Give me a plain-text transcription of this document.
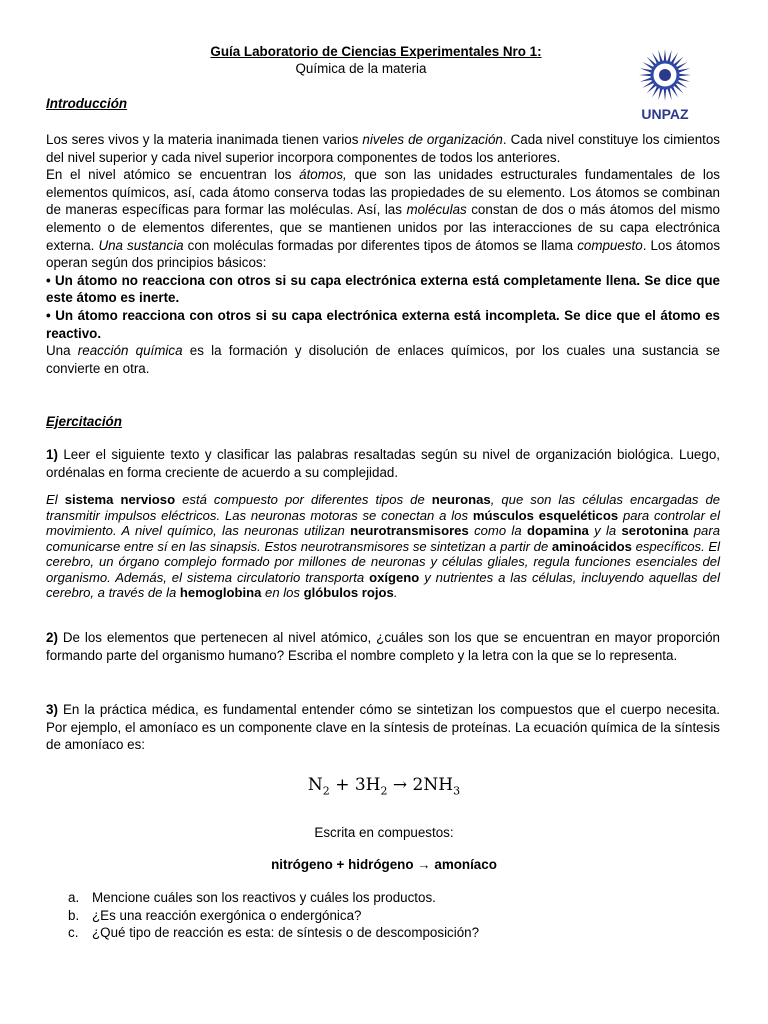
Guía Laboratorio de Ciencias Experimentales Nro 1:
Química de la materia
UNPAZ
Introducción

Los seres vivos y la materia inanimada tienen varios niveles de organización. Cada nivel constituye los cimientos del nivel superior y cada nivel superior incorpora componentes de todos los anteriores.

En el nivel atómico se encuentran los átomos, que son las unidades estructurales fundamentales de los elementos químicos, así, cada átomo conserva todas las propiedades de su elemento. Los átomos se combinan de maneras específicas para formar las moléculas. Así, las moléculas constan de dos o más átomos del mismo elemento o de elementos diferentes, que se mantienen unidos por las interacciones de su capa electrónica externa. Una sustancia con moléculas formadas por diferentes tipos de átomos se llama compuesto. Los átomos operan según dos principios básicos:

• Un átomo no reacciona con otros si su capa electrónica externa está completamente llena. Se dice que este átomo es inerte.

• Un átomo reacciona con otros si su capa electrónica externa está incompleta. Se dice que el átomo es reactivo.

Una reacción química es la formación y disolución de enlaces químicos, por los cuales una sustancia se convierte en otra.

Ejercitación
1) Leer el siguiente texto y clasificar las palabras resaltadas según su nivel de organización biológica. Luego, ordénalas en forma creciente de acuerdo a su complejidad.
El sistema nervioso está compuesto por diferentes tipos de neuronas, que son las células encargadas de transmitir impulsos eléctricos. Las neuronas motoras se conectan a los músculos esqueléticos para controlar el movimiento. A nivel químico, las neuronas utilizan neurotransmisores como la dopamina y la serotonina para comunicarse entre sí en las sinapsis. Estos neurotransmisores se sintetizan a partir de aminoácidos específicos. El cerebro, un órgano complejo formado por millones de neuronas y células gliales, regula funciones esenciales del organismo. Además, el sistema circulatorio transporta oxígeno y nutrientes a las células, incluyendo aquellas del cerebro, a través de la hemoglobina en los glóbulos rojos.
2) De los elementos que pertenecen al nivel atómico, ¿cuáles son los que se encuentran en mayor proporción formando parte del organismo humano? Escriba el nombre completo y la letra con la que se lo representa.
3) En la práctica médica, es fundamental entender cómo se sintetizan los compuestos que el cuerpo necesita. Por ejemplo, el amoníaco es un componente clave en la síntesis de proteínas. La ecuación química de la síntesis de amoníaco es:
$N_2 + 3H_2 \to 2NH_3$
Escrita en compuestos:
nitrógeno + hidrógeno → amoníaco
a. Mencione cuáles son los reactivos y cuáles los productos.
b. ¿Es una reacción exergónica o endergónica?
c.	¿Qué tipo de reacción es esta: de síntesis o de descomposición?
